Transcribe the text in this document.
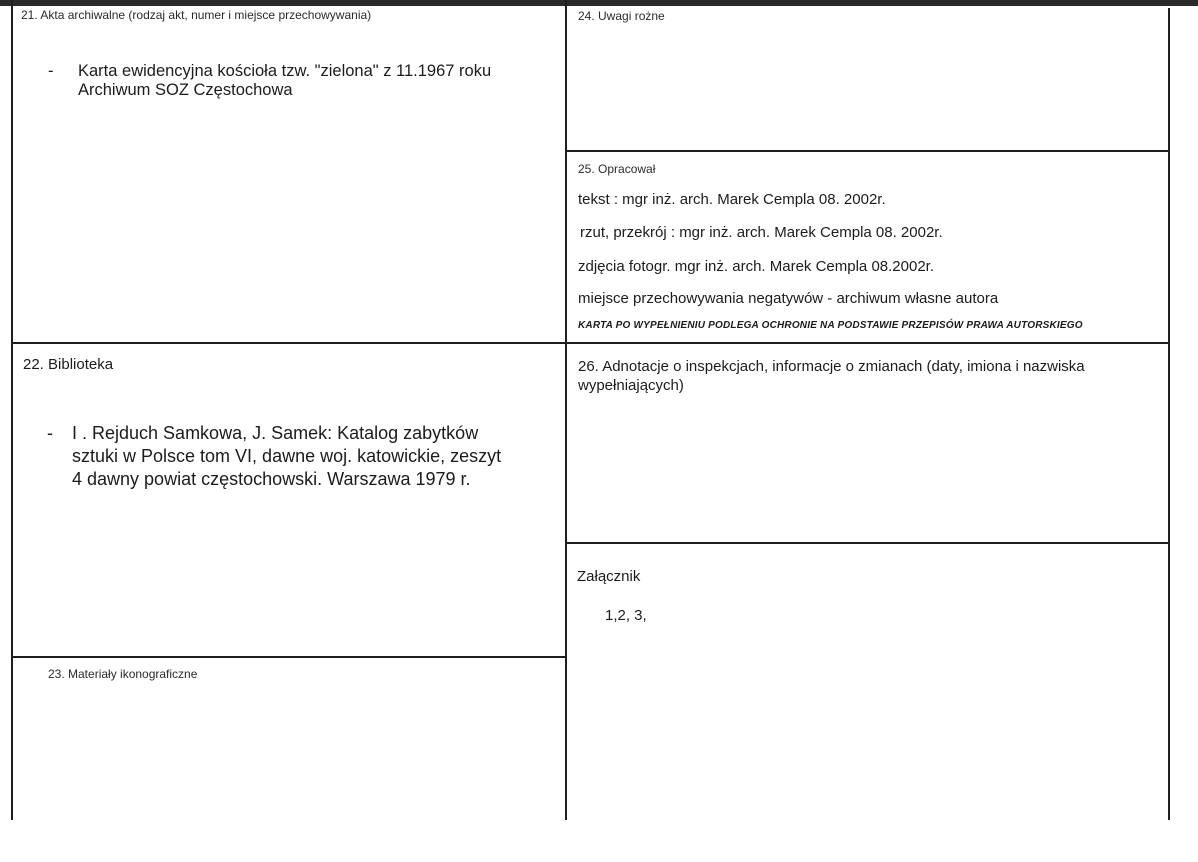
21. Akta archiwalne (rodzaj akt, numer i miejsce przechowywania)
- Karta ewidencyjna kościoła tzw. "zielona" z 11.1967 roku
Archiwum SOZ Częstochowa
24. Uwagi rożne
25. Opracował
tekst : mgr inż. arch. Marek Cempla 08. 2002r.
rzut, przekrój : mgr inż. arch. Marek Cempla 08. 2002r.
zdjęcia fotogr. mgr inż. arch. Marek Cempla 08.2002r.
miejsce przechowywania negatywów - archiwum własne autora
KARTA PO WYPEŁNIENIU PODLEGA OCHRONIE NA PODSTAWIE PRZEPISÓW PRAWA AUTORSKIEGO
22. Biblioteka
- I . Rejduch Samkowa, J. Samek: Katalog zabytków
sztuki w Polsce tom VI, dawne woj. katowickie, zeszyt
4 dawny powiat częstochowski. Warszawa 1979 r.
26. Adnotacje o inspekcjach, informacje o zmianach (daty, imiona i nazwiska
wypełniających)
Załącznik
1,2, 3,
23. Materiały ikonograficzne
